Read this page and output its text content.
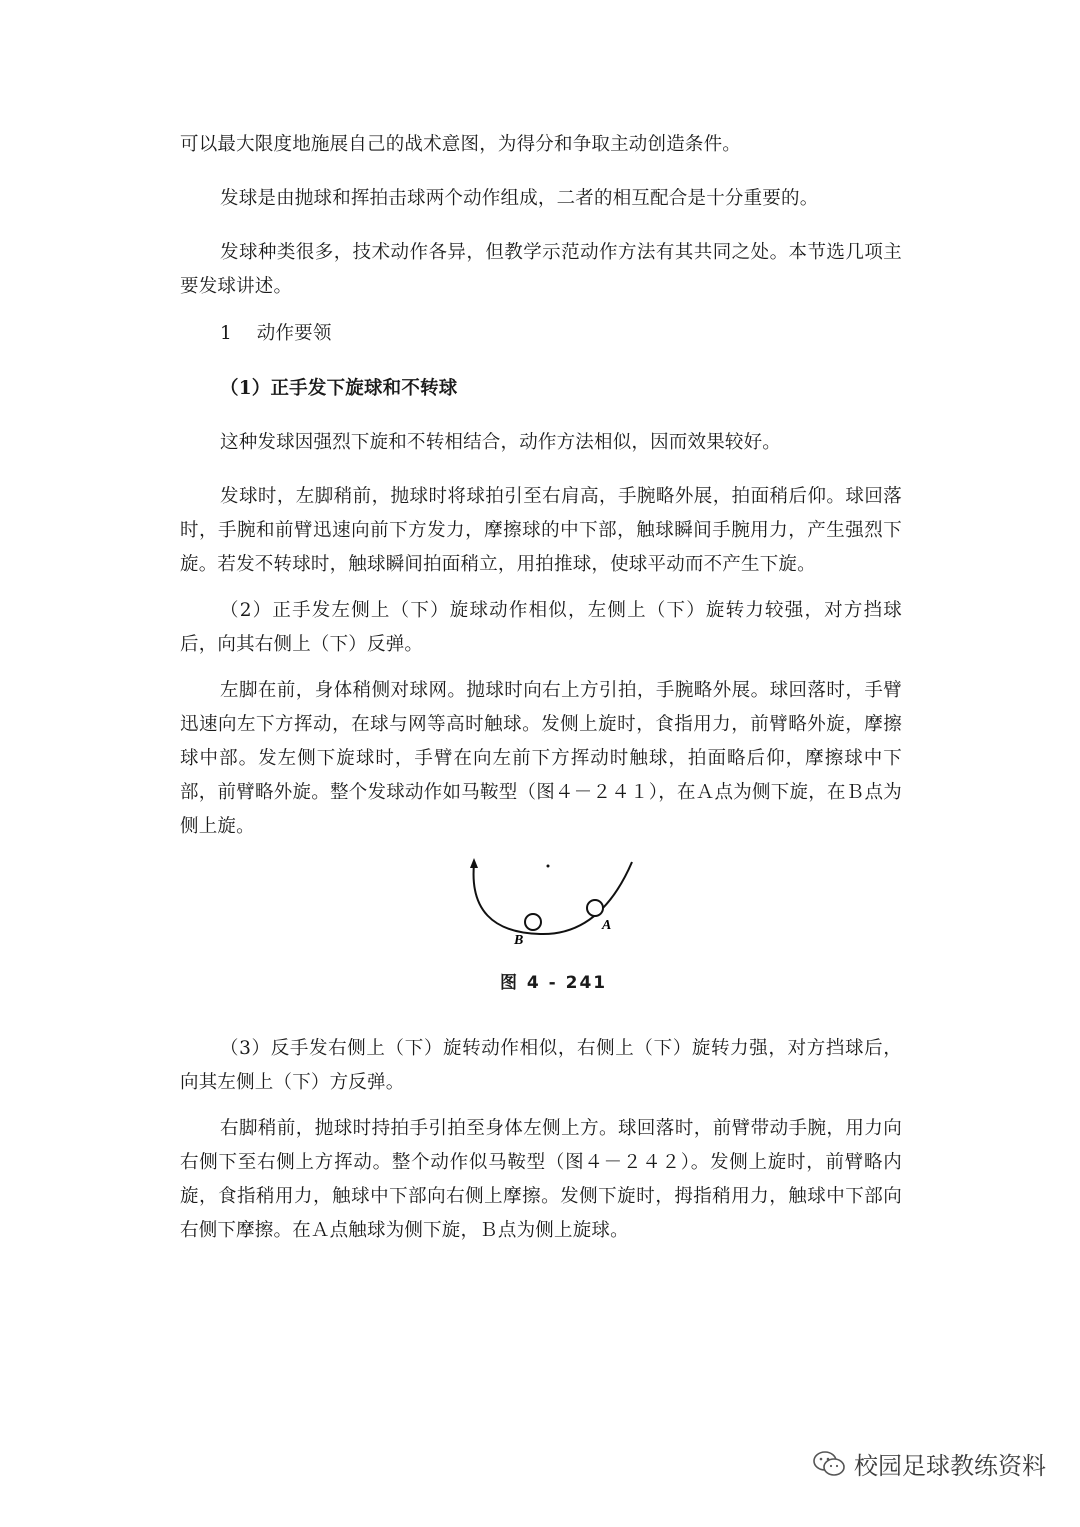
可以最大限度地施展自己的战术意图，为得分和争取主动创造条件。

发球是由抛球和挥拍击球两个动作组成，二者的相互配合是十分重要的。

发球种类很多，技术动作各异，但教学示范动作方法有其共同之处。本节选几项主要发球讲述。

1　 动作要领

（1）正手发下旋球和不转球

这种发球因强烈下旋和不转相结合，动作方法相似，因而效果较好。

发球时，左脚稍前，抛球时将球拍引至右肩高，手腕略外展，拍面稍后仰。球回落时，手腕和前臂迅速向前下方发力，摩擦球的中下部，触球瞬间手腕用力，产生强烈下旋。若发不转球时，触球瞬间拍面稍立，用拍推球，使球平动而不产生下旋。

（2）正手发左侧上（下）旋球动作相似，左侧上（下）旋转力较强，对方挡球后，向其右侧上（下）反弹。

左脚在前，身体稍侧对球网。抛球时向右上方引拍，手腕略外展。球回落时，手臂迅速向左下方挥动，在球与网等高时触球。发侧上旋时，食指用力，前臂略外旋，摩擦球中部。发左侧下旋球时，手臂在向左前下方挥动时触球，拍面略后仰，摩擦球中下部，前臂略外旋。整个发球动作如马鞍型（图４－２４１），在Ａ点为侧下旋，在Ｂ点为侧上旋。

B
A
图 4 - 241

（3）反手发右侧上（下）旋转动作相似，右侧上（下）旋转力强，对方挡球后，向其左侧上（下）方反弹。

右脚稍前，抛球时持拍手引拍至身体左侧上方。球回落时，前臂带动手腕，用力向右侧下至右侧上方挥动。整个动作似马鞍型（图４－２４２）。发侧上旋时，前臂略内旋，食指稍用力，触球中下部向右侧上摩擦。发侧下旋时，拇指稍用力，触球中下部向右侧下摩擦。在Ａ点触球为侧下旋，Ｂ点为侧上旋球。

校园足球教练资料
